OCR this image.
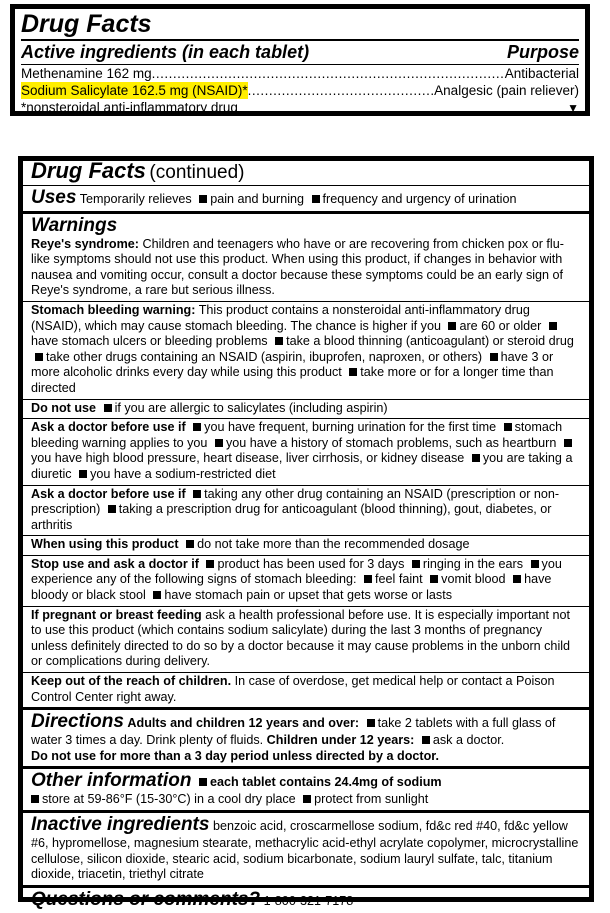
Drug Facts
Active ingredients (in each tablet)	Purpose
Methenamine 162 mg .....	Antibacterial
Sodium Salicylate 162.5 mg (NSAID)* .....	Analgesic (pain reliever)
*nonsteroidal anti-inflammatory drug	▼
Drug Facts (continued)
Uses Temporarily relieves pain and burning frequency and urgency of urination
Warnings
Reye's syndrome: Children and teenagers who have or are recovering from chicken pox or flu-like symptoms should not use this product. When using this product, if changes in behavior with nausea and vomiting occur, consult a doctor because these symptoms could be an early sign of Reye's syndrome, a rare but serious illness.
Stomach bleeding warning: This product contains a nonsteroidal anti-inflammatory drug (NSAID), which may cause stomach bleeding. The chance is higher if you are 60 or older have stomach ulcers or bleeding problems take a blood thinning (anticoagulant) or steroid drug take other drugs containing an NSAID (aspirin, ibuprofen, naproxen, or others) have 3 or more alcoholic drinks every day while using this product take more or for a longer time than directed
Do not use if you are allergic to salicylates (including aspirin)
Ask a doctor before use if you have frequent, burning urination for the first time stomach bleeding warning applies to you you have a history of stomach problems, such as heartburn you have high blood pressure, heart disease, liver cirrhosis, or kidney disease you are taking a diuretic you have a sodium-restricted diet
Ask a doctor before use if taking any other drug containing an NSAID (prescription or non-prescription) taking a prescription drug for anticoagulant (blood thinning), gout, diabetes, or arthritis
When using this product do not take more than the recommended dosage
Stop use and ask a doctor if product has been used for 3 days ringing in the ears you experience any of the following signs of stomach bleeding: feel faint vomit blood have bloody or black stool have stomach pain or upset that gets worse or lasts
If pregnant or breast feeding ask a health professional before use. It is especially important not to use this product (which contains sodium salicylate) during the last 3 months of pregnancy unless definitely directed to do so by a doctor because it may cause problems in the unborn child or complications during delivery.
Keep out of the reach of children. In case of overdose, get medical help or contact a Poison Control Center right away.
Directions Adults and children 12 years and over: take 2 tablets with a full glass of water 3 times a day. Drink plenty of fluids. Children under 12 years: ask a doctor.
Do not use for more than a 3 day period unless directed by a doctor.
Other information each tablet contains 24.4mg of sodium
store at 59-86°F (15-30°C) in a cool dry place protect from sunlight
Inactive ingredients benzoic acid, croscarmellose sodium, fd&c red #40, fd&c yellow #6, hypromellose, magnesium stearate, methacrylic acid-ethyl acrylate copolymer, microcrystalline cellulose, silicon dioxide, stearic acid, sodium bicarbonate, sodium lauryl sulfate, talc, titanium dioxide, triacetin, triethyl citrate
Questions or comments? 1-800-321-7178
